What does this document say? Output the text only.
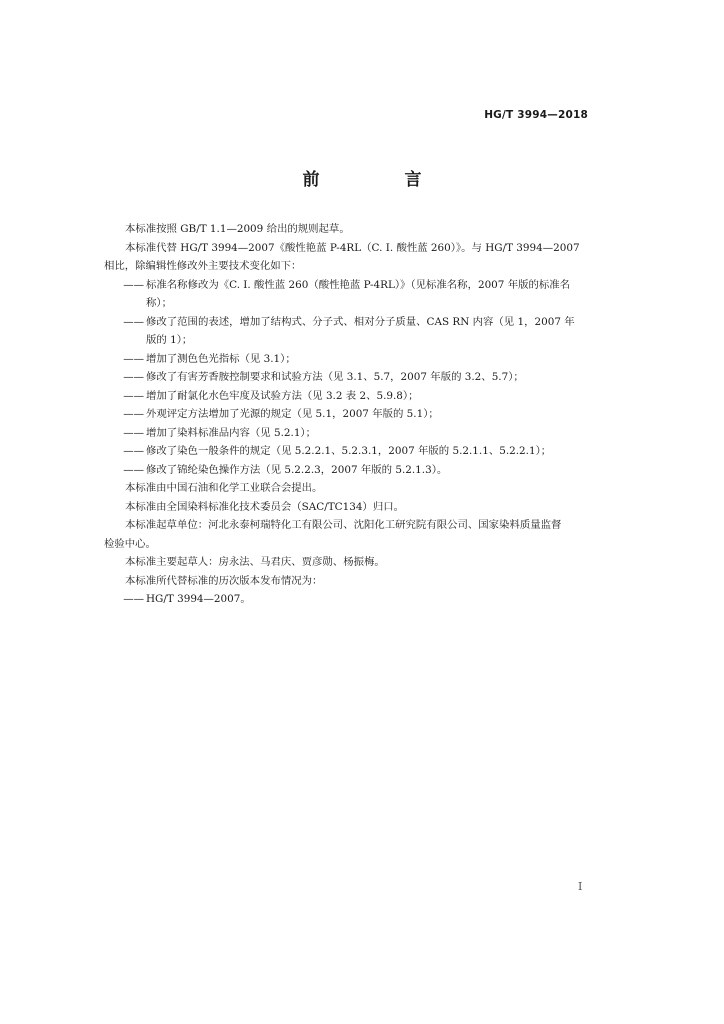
HG/T 3994—2018
前　言

本标准按照 GB/T 1.1—2009 给出的规则起草。

本标准代替 HG/T 3994—2007《酸性艳蓝 P-4RL（C. I. 酸性蓝 260）》。与 HG/T 3994—2007

相比，除编辑性修改外主要技术变化如下：

—— 标准名称修改为《C. I. 酸性蓝 260（酸性艳蓝 P-4RL）》（见标准名称，2007 年版的标准名
称）；
—— 修改了范围的表述，增加了结构式、分子式、相对分子质量、CAS RN 内容（见 1，2007 年
版的 1）；
—— 增加了测色色光指标（见 3.1）；
—— 修改了有害芳香胺控制要求和试验方法（见 3.1、5.7，2007 年版的 3.2、5.7）；
—— 增加了耐氯化水色牢度及试验方法（见 3.2 表 2、5.9.8）；
—— 外观评定方法增加了光源的规定（见 5.1，2007 年版的 5.1）；
—— 增加了染料标准品内容（见 5.2.1）；
—— 修改了染色一般条件的规定（见 5.2.2.1、5.2.3.1，2007 年版的 5.2.1.1、5.2.2.1）；
—— 修改了锦纶染色操作方法（见 5.2.2.3，2007 年版的 5.2.1.3）。

本标准由中国石油和化学工业联合会提出。

本标准由全国染料标准化技术委员会（SAC/TC134）归口。

本标准起草单位：河北永泰柯瑞特化工有限公司、沈阳化工研究院有限公司、国家染料质量监督

检验中心。

本标准主要起草人：房永法、马君庆、贾彦勋、杨振梅。

本标准所代替标准的历次版本发布情况为：

—— HG/T 3994—2007。
I
